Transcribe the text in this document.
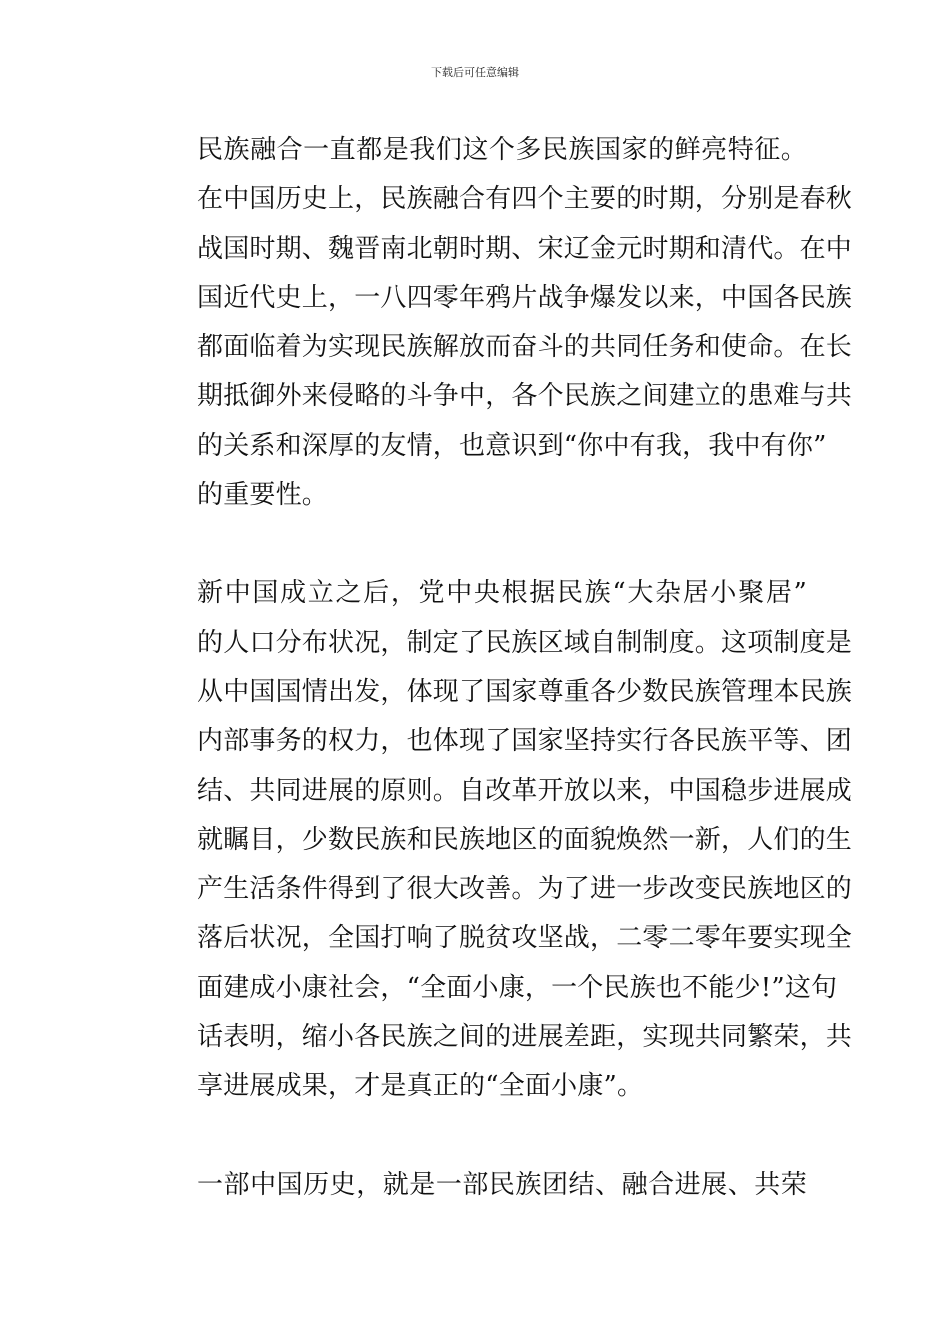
下载后可任意编辑

民族融合一直都是我们这个多民族国家的鲜亮特征。
在中国历史上，民族融合有四个主要的时期，分别是春秋
战国时期、魏晋南北朝时期、宋辽金元时期和清代。在中
国近代史上，一八四零年鸦片战争爆发以来，中国各民族
都面临着为实现民族解放而奋斗的共同任务和使命。在长
期抵御外来侵略的斗争中，各个民族之间建立的患难与共
的关系和深厚的友情，也意识到“你中有我，我中有你”
的重要性。

新中国成立之后，党中央根据民族“大杂居小聚居”
的人口分布状况，制定了民族区域自制制度。这项制度是
从中国国情出发，体现了国家尊重各少数民族管理本民族
内部事务的权力，也体现了国家坚持实行各民族平等、团
结、共同进展的原则。自改革开放以来，中国稳步进展成
就瞩目，少数民族和民族地区的面貌焕然一新，人们的生
产生活条件得到了很大改善。为了进一步改变民族地区的
落后状况，全国打响了脱贫攻坚战，二零二零年要实现全
面建成小康社会，“全面小康，一个民族也不能少!”这句
话表明，缩小各民族之间的进展差距，实现共同繁荣，共
享进展成果，才是真正的“全面小康”。

一部中国历史，就是一部民族团结、融合进展、共荣
